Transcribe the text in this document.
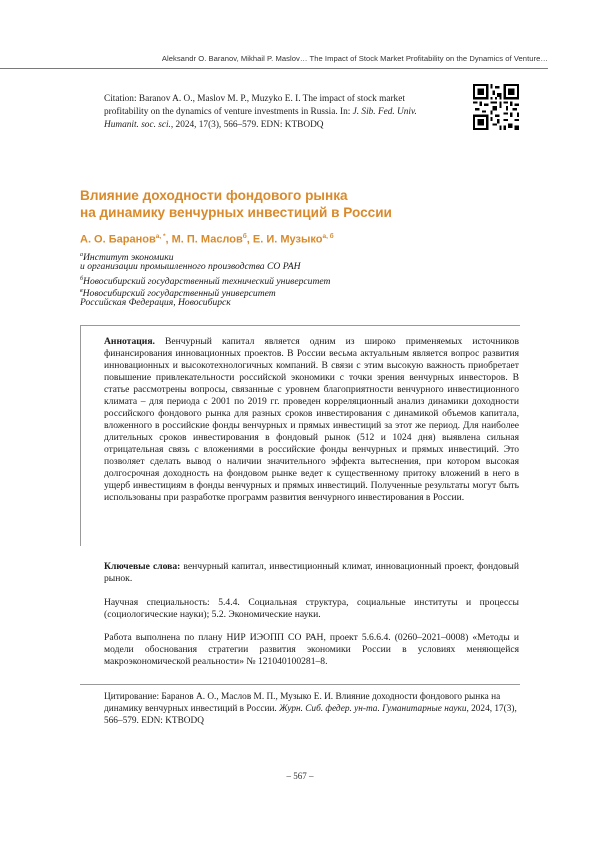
Aleksandr O. Baranov, Mikhail P. Maslov… The Impact of Stock Market Profitability on the Dynamics of Venture…
Citation: Baranov A. O., Maslov M. P., Muzyko E. I. The impact of stock market profitability on the dynamics of venture investments in Russia. In: J. Sib. Fed. Univ. Humanit. soc. sci., 2024, 17(3), 566–579. EDN: KTBODQ
Влияние доходности фондового рынка
на динамику венчурных инвестиций в России
А. О. Баранов$^{а, *}$, М. П. Маслов$^б$, Е. И. Музыко$^{а, б}$
$^а$Институт экономики
и организации промышленного производства СО РАН
$^б$Новосибирский государственный технический университет
$^в$Новосибирский государственный университет
Российская Федерация, Новосибирск
Аннотация. Венчурный капитал является одним из широко применяемых источников финансирования инновационных проектов. В России весьма актуальным является вопрос развития инновационных и высокотехнологичных компаний. В связи с этим высокую важность приобретает повышение привлекательности российской экономики с точки зрения венчурных инвесторов. В статье рассмотрены вопросы, связанные с уровнем благоприятности венчурного инвестиционного климата – для периода с 2001 по 2019 гг. проведен корреляционный анализ динамики доходности российского фондового рынка для разных сроков инвестирования с динамикой объемов капитала, вложенного в российские фонды венчурных и прямых инвестиций за этот же период. Для наиболее длительных сроков инвестирования в фондовый рынок (512 и 1024 дня) выявлена сильная отрицательная связь с вложениями в российские фонды венчурных и прямых инвестиций. Это позволяет сделать вывод о наличии значительного эффекта вытеснения, при котором высокая долгосрочная доходность на фондовом рынке ведет к существенному притоку вложений в него в ущерб инвестициям в фонды венчурных и прямых инвестиций. Полученные результаты могут быть использованы при разработке программ развития венчурного инвестирования в России.
Ключевые слова: венчурный капитал, инвестиционный климат, инновационный проект, фондовый рынок.
Научная специальность: 5.4.4. Социальная структура, социальные институты и процессы (социологические науки); 5.2. Экономические науки.
Работа выполнена по плану НИР ИЭОПП СО РАН, проект 5.6.6.4. (0260–2021–0008) «Методы и модели обоснования стратегии развития экономики России в условиях меняющейся макроэкономической реальности» № 121040100281–8.
Цитирование: Баранов А. О., Маслов М. П., Музыко Е. И. Влияние доходности фондового рынка на динамику венчурных инвестиций в России. Журн. Сиб. федер. ун-та. Гуманитарные науки, 2024, 17(3), 566–579. EDN: KTBODQ
– 567 –
